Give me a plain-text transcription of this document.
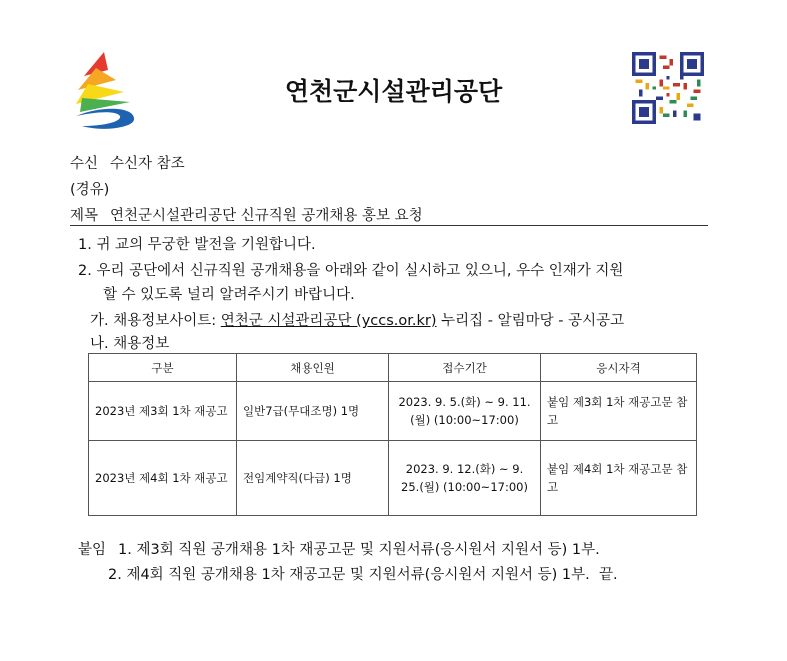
연천군시설관리공단
수신 수신자 참조
(경유)
제목 연천군시설관리공단 신규직원 공개채용 홍보 요청
1. 귀 교의 무궁한 발전을 기원합니다.
2. 우리 공단에서 신규직원 공개채용을 아래와 같이 실시하고 있으니, 우수 인재가 지원
할 수 있도록 널리 알려주시기 바랍니다.
가. 채용정보사이트: 연천군 시설관리공단 (yccs.or.kr) 누리집 - 알림마당 - 공시공고
나. 채용정보
구분	채용인원	접수기간	응시자격
2023년 제3회 1차 재공고	일반7급(무대조명) 1명	2023. 9. 5.(화) ~ 9. 11.(월) (10:00~17:00)	붙임 제3회 1차 재공고문 참고
2023년 제4회 1차 재공고	전임계약직(다급) 1명	2023. 9. 12.(화) ~ 9. 25.(월) (10:00~17:00)	붙임 제4회 1차 재공고문 참고
붙임 1. 제3회 직원 공개채용 1차 재공고문 및 지원서류(응시원서 지원서 등) 1부.
2. 제4회 직원 공개채용 1차 재공고문 및 지원서류(응시원서 지원서 등) 1부. 끝.
